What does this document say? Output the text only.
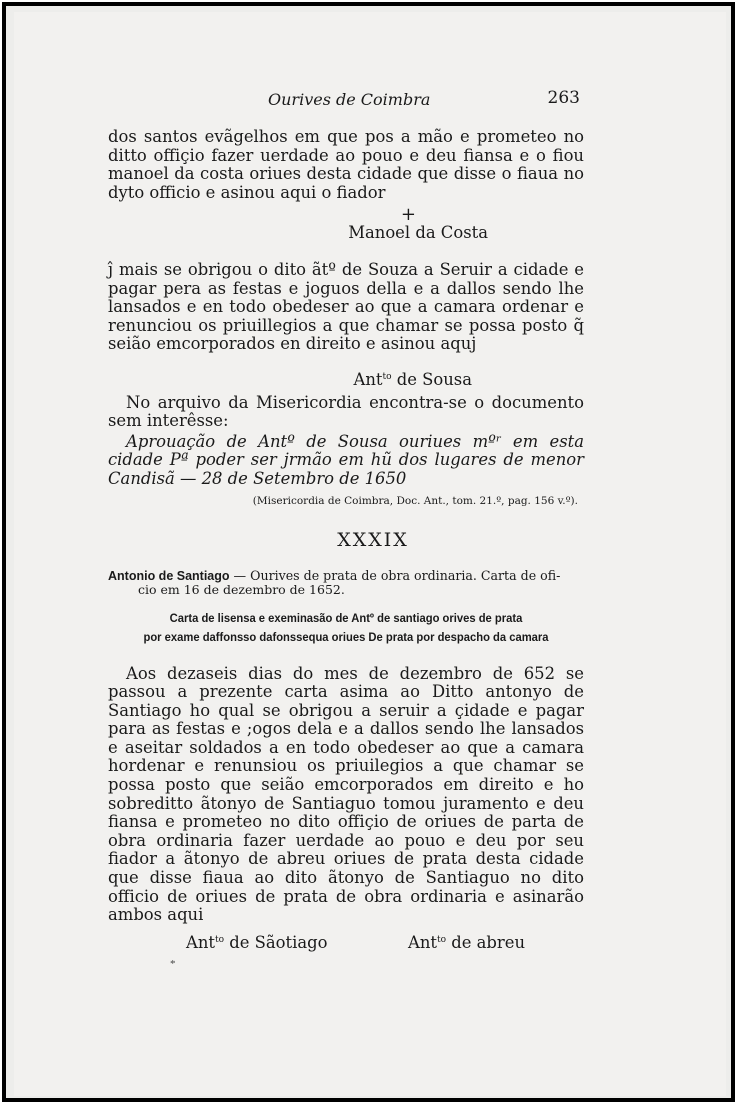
*
Ourives de Coimbra	263

dos santos evãgelhos em que pos a mão e prometeo no ditto offiçio fazer uerdade ao pouo e deu fiansa e o fiou manoel da costa oriues desta cidade que disse o fiaua no dyto officio e asinou aqui o fiador

+
Manoel da Costa

ĵ mais se obrigou o dito ãtº de Souza a Seruir a cidade e pagar pera as festas e joguos della e a dallos sendo lhe lansados e en todo obedeser ao que a camara ordenar e renunciou os priuillegios a que chamar se possa posto q̃ seião emcorporados en direito e asinou aquj

Ant$^{to}$ de Sousa

No arquivo da Misericordia encontra-se o documento sem interêsse:

Aprouação de Antº de Sousa ouriues mºʳ em esta cidade Pª poder ser jrmão em hũ dos lugares de menor Candisã — 28 de Setembro de 1650

(Misericordia de Coimbra, Doc. Ant., tom. 21.º, pag. 156 v.º).
XXXIX
Antonio de Santiago — Ourives de prata de obra ordinaria. Carta de ofi-
cio em 16 de dezembro de 1652.
Carta de lisensa e exeminasão de Antº de santiago orives de prata
por exame daffonsso dafonssequa oriues De prata por despacho da camara

Aos dezaseis dias do mes de dezembro de 652 se passou a prezente carta asima ao Ditto antonyo de Santiago ho qual se obrigou a seruir a çidade e pagar para as festas e ;ogos dela e a dallos sendo lhe lansados e aseitar soldados a en todo obedeser ao que a camara hordenar e renunsiou os priuilegios a que chamar se possa posto que seião emcorporados em direito e ho sobreditto ãtonyo de Santiaguo tomou juramento e deu fiansa e prometeo no dito offiçio de oriues de parta de obra ordinaria fazer uerdade ao pouo e deu por seu fiador a ãtonyo de abreu oriues de prata desta cidade que disse fiaua ao dito ãtonyo de Santiaguo no dito officio de oriues de prata de obra ordinaria e asinarão ambos aqui

Ant$^{to}$ de Sãotiago	Ant$^{to}$ de abreu
